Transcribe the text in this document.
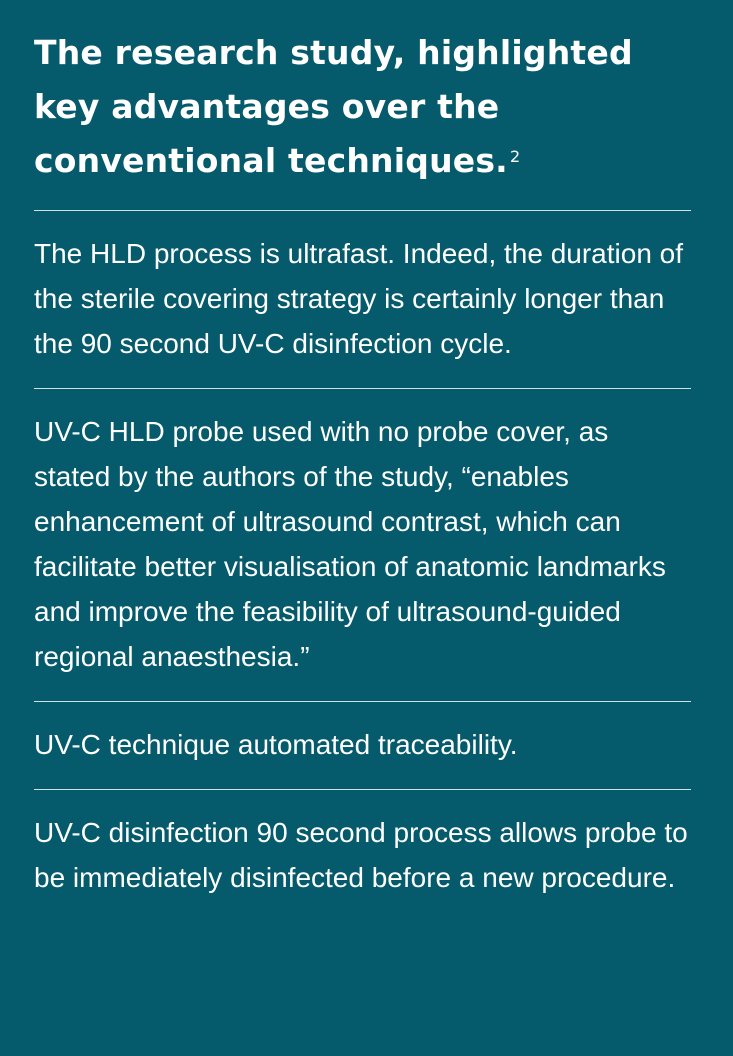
The research study, highlighted key advantages over the conventional techniques. $^2$

The HLD process is ultrafast. Indeed, the duration of the sterile covering strategy is certainly longer than the 90 second UV-C disinfection cycle.

UV-C HLD probe used with no probe cover, as stated by the authors of the study, “enables enhancement of ultrasound contrast, which can facilitate better visualisation of anatomic landmarks and improve the feasibility of ultrasound-guided regional anaesthesia.”

UV-C technique automated traceability.

UV-C disinfection 90 second process allows probe to be immediately disinfected before a new procedure.
